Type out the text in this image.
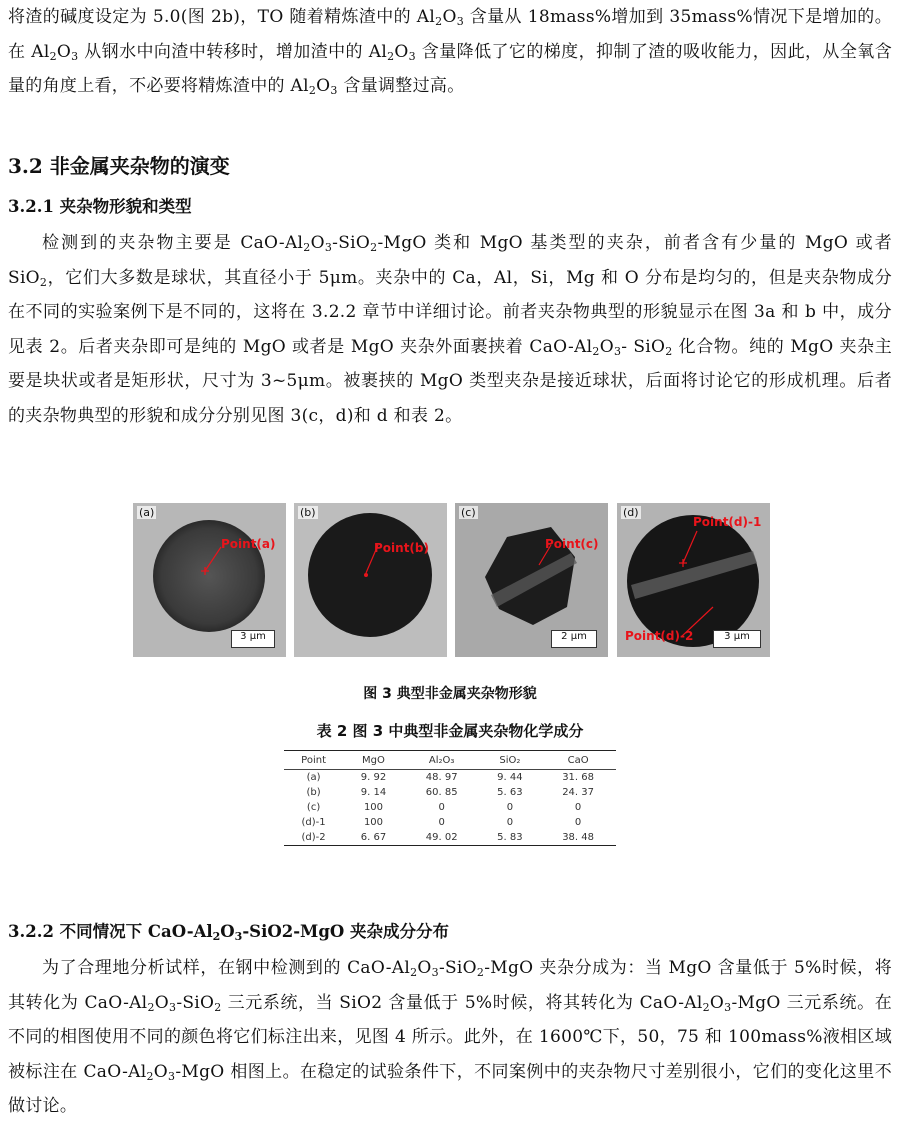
将渣的碱度设定为 5.0(图 2b)，TO 随着精炼渣中的 $Al_2O_3$ 含量从 18mass%增加到 35mass%情况下是增加的。在 $Al_2O_3$ 从钢水中向渣中转移时，增加渣中的 $Al_2O_3$ 含量降低了它的梯度，抑制了渣的吸收能力，因此，从全氧含量的角度上看，不必要将精炼渣中的 $Al_2O_3$ 含量调整过高。

3.2 非金属夹杂物的演变
3.2.1 夹杂物形貌和类型

检测到的夹杂物主要是 CaO-$Al_2O_3-SiO_2$-MgO 类和 MgO 基类型的夹杂，前者含有少量的 MgO 或者 SiO$_2$，它们大多数是球状，其直径小于 5μm。夹杂中的 Ca，Al，Si，Mg 和 O 分布是均匀的，但是夹杂物成分在不同的实验案例下是不同的，这将在 3.2.2 章节中详细讨论。前者夹杂物典型的形貌显示在图 3a 和 b 中，成分见表 2。后者夹杂即可是纯的 MgO 或者是 MgO 夹杂外面裹挟着 CaO-$Al_2O_3-$ SiO$_2$ 化合物。纯的 MgO 夹杂主要是块状或者是矩形状，尺寸为 3~5μm。被裹挟的 MgO 类型夹杂是接近球状，后面将讨论它的形成机理。后者的夹杂物典型的形貌和成分分别见图 3(c，d)和 d 和表 2。

(a)
Point(a)
3 μm
(b)
Point(b)
(c)
Point(c)
2 μm
(d)
Point(d)-1
Point(d)-2	3 μm
图 3 典型非金属夹杂物形貌
表 2 图 3 中典型非金属夹杂物化学成分
Point	MgO	Al₂O₃	SiO₂	CaO
(a)	9. 92	48. 97	9. 44	31. 68
(b)	9. 14	60. 85	5. 63	24. 37
(c)	100	0	0	0
(d)-1	100	0	0	0
(d)-2	6. 67	49. 02	5. 83	38. 48
3.2.2 不同情况下 CaO-$Al_2O_3-SiO2$-MgO 夹杂成分分布

为了合理地分析试样，在钢中检测到的 CaO-$Al_2O_3-SiO_2$-MgO 夹杂分成为：当 MgO 含量低于 5%时候，将其转化为 CaO-$Al_2O_3-SiO_2$ 三元系统，当 SiO2 含量低于 5%时候，将其转化为 CaO-$Al_2O_3$-MgO 三元系统。在不同的相图使用不同的颜色将它们标注出来，见图 4 所示。此外，在 1600℃下，50，75 和 100mass%液相区域被标注在 CaO-$Al_2O_3$-MgO 相图上。在稳定的试验条件下，不同案例中的夹杂物尺寸差别很小，它们的变化这里不做讨论。
